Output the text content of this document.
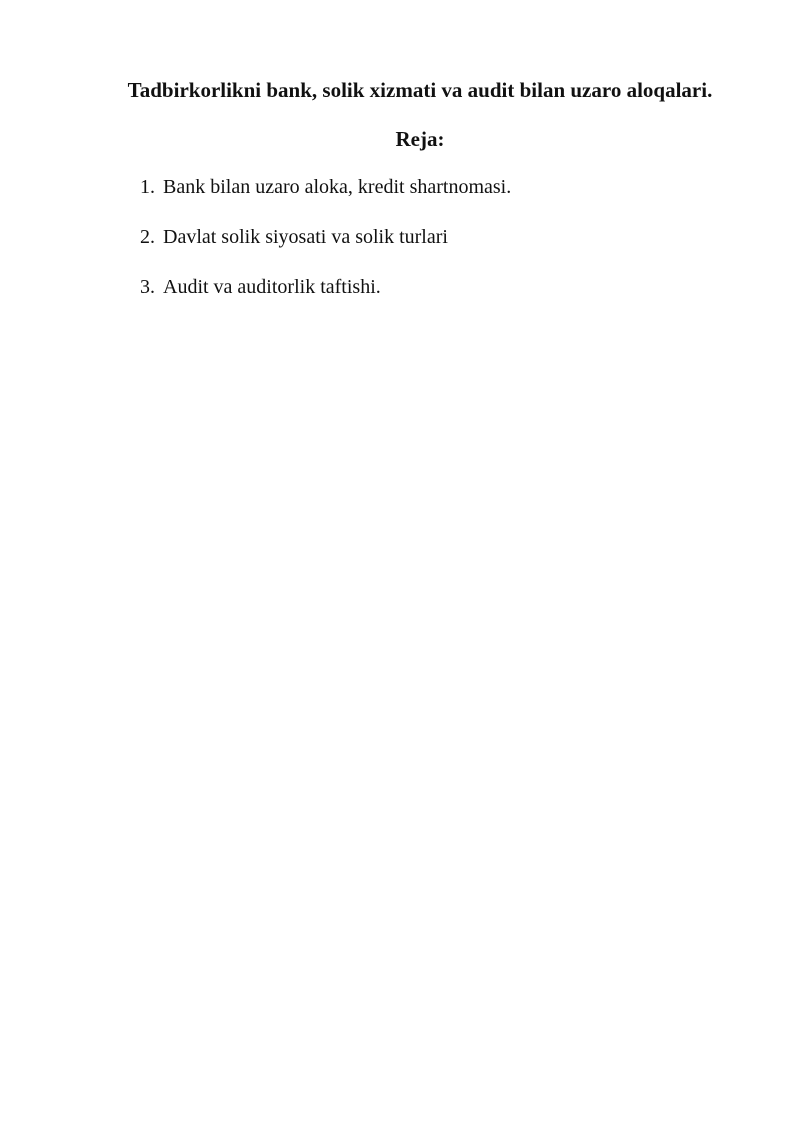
Tadbirkorlikni bank, solik xizmati va audit bilan uzaro aloqalari.
Reja:
1. Bank bilan uzaro aloka, kredit shartnomasi.
2. Davlat solik siyosati va solik turlari
3. Audit va auditorlik taftishi.
